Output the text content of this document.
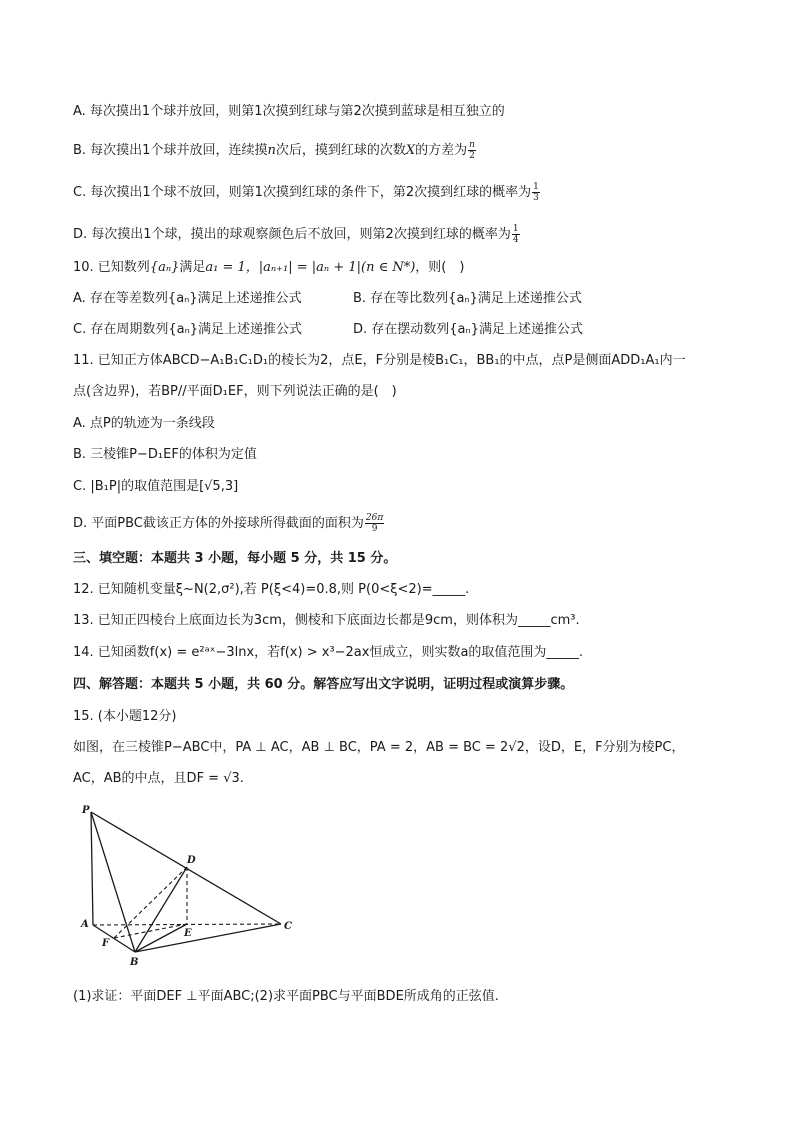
A. 每次摸出1个球并放回，则第1次摸到红球与第2次摸到蓝球是相互独立的
B. 每次摸出1个球并放回，连续摸n次后，摸到红球的次数X的方差为 $\frac{n}{2}$
C. 每次摸出1个球不放回，则第1次摸到红球的条件下，第2次摸到红球的概率为 $\frac{1}{3}$
D. 每次摸出1个球，摸出的球观察颜色后不放回，则第2次摸到红球的概率为 $\frac{1}{4}$
10. 已知数列{aₙ}满足a₁ = 1，|aₙ₊₁| = |aₙ + 1|(n ∈ N*)，则(　)
A. 存在等差数列{aₙ}满足上述递推公式	B. 存在等比数列{aₙ}满足上述递推公式
C. 存在周期数列{aₙ}满足上述递推公式	D. 存在摆动数列{aₙ}满足上述递推公式
11. 已知正方体ABCD−A₁B₁C₁D₁的棱长为2，点E，F分别是棱B₁C₁，BB₁的中点，点P是侧面ADD₁A₁内一
点(含边界)，若BP//平面D₁EF，则下列说法正确的是(　)
A. 点P的轨迹为一条线段
B. 三棱锥P−D₁EF的体积为定值
C. |B₁P|的取值范围是[√5,3]
D. 平面PBC截该正方体的外接球所得截面的面积为 $\frac{26\pi}{9}$
三、填空题：本题共 3 小题，每小题 5 分，共 15 分。
12. 已知随机变量ξ~N(2,σ²),若 P(ξ<4)=0.8,则 P(0<ξ<2)=_____.
13. 已知正四棱台上底面边长为3cm，侧棱和下底面边长都是9cm，则体积为_____cm³.
14. 已知函数f(x) = e²ᵃˣ−3lnx，若f(x) > x³−2ax恒成立，则实数a的取值范围为_____.
四、解答题：本题共 5 小题，共 60 分。解答应写出文字说明，证明过程或演算步骤。
15. (本小题12分)
如图，在三棱锥P−ABC中，PA ⊥ AC，AB ⊥ BC，PA = 2，AB = BC = 2√2，设D，E，F分别为棱PC，
AC，AB的中点，且DF = √3.
P
A
B
C
D
E
F
(1)求证：平面DEF ⊥平面ABC;(2)求平面PBC与平面BDE所成角的正弦值.
